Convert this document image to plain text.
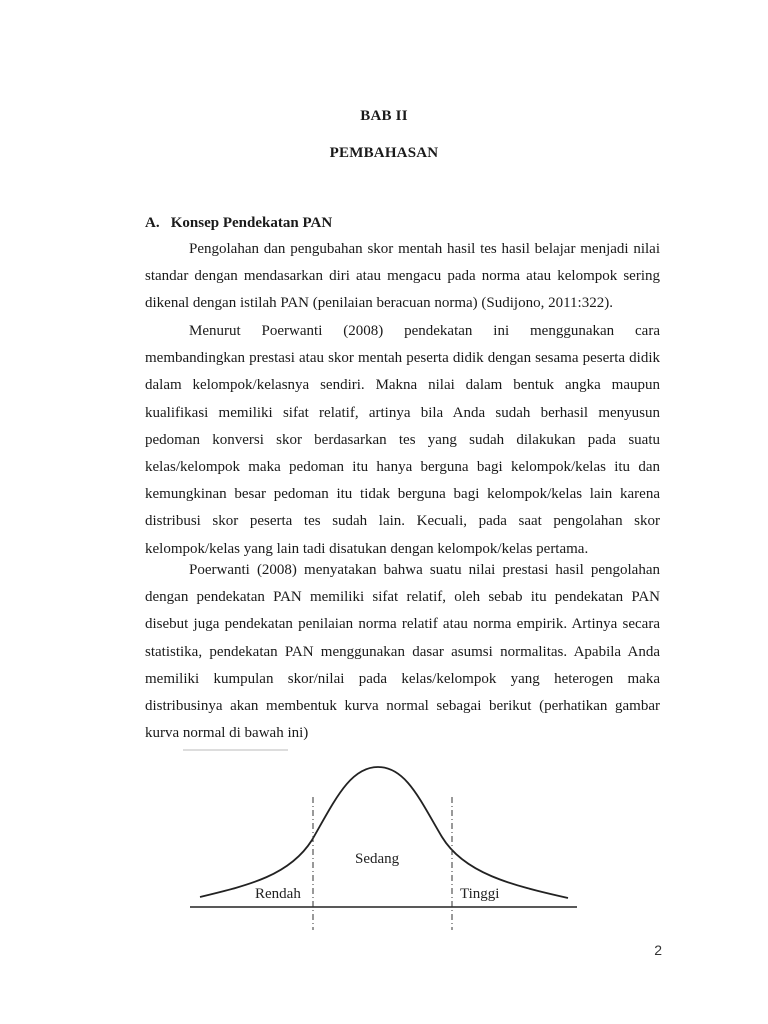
BAB II
PEMBAHASAN
A. Konsep Pendekatan PAN

Pengolahan dan pengubahan skor mentah hasil tes hasil belajar menjadi nilai standar dengan mendasarkan diri atau mengacu pada norma atau kelompok sering dikenal dengan istilah PAN (penilaian beracuan norma) (Sudijono, 2011:322).

Menurut Poerwanti (2008) pendekatan ini menggunakan cara membandingkan prestasi atau skor mentah peserta didik dengan sesama peserta didik dalam kelompok/kelasnya sendiri. Makna nilai dalam bentuk angka maupun kualifikasi memiliki sifat relatif, artinya bila Anda sudah berhasil menyusun pedoman konversi skor berdasarkan tes yang sudah dilakukan pada suatu kelas/kelompok maka pedoman itu hanya berguna bagi kelompok/kelas itu dan kemungkinan besar pedoman itu tidak berguna bagi kelompok/kelas lain karena distribusi skor peserta tes sudah lain. Kecuali, pada saat pengolahan skor kelompok/kelas yang lain tadi disatukan dengan kelompok/kelas pertama.

Poerwanti (2008) menyatakan bahwa suatu nilai prestasi hasil pengolahan dengan pendekatan PAN memiliki sifat relatif, oleh sebab itu pendekatan PAN disebut juga pendekatan penilaian norma relatif atau norma empirik. Artinya secara statistika, pendekatan PAN menggunakan dasar asumsi normalitas. Apabila Anda memiliki kumpulan skor/nilai pada kelas/kelompok yang heterogen maka distribusinya akan membentuk kurva normal sebagai berikut (perhatikan gambar kurva normal di bawah ini)

Rendah
Sedang
Tinggi
2
